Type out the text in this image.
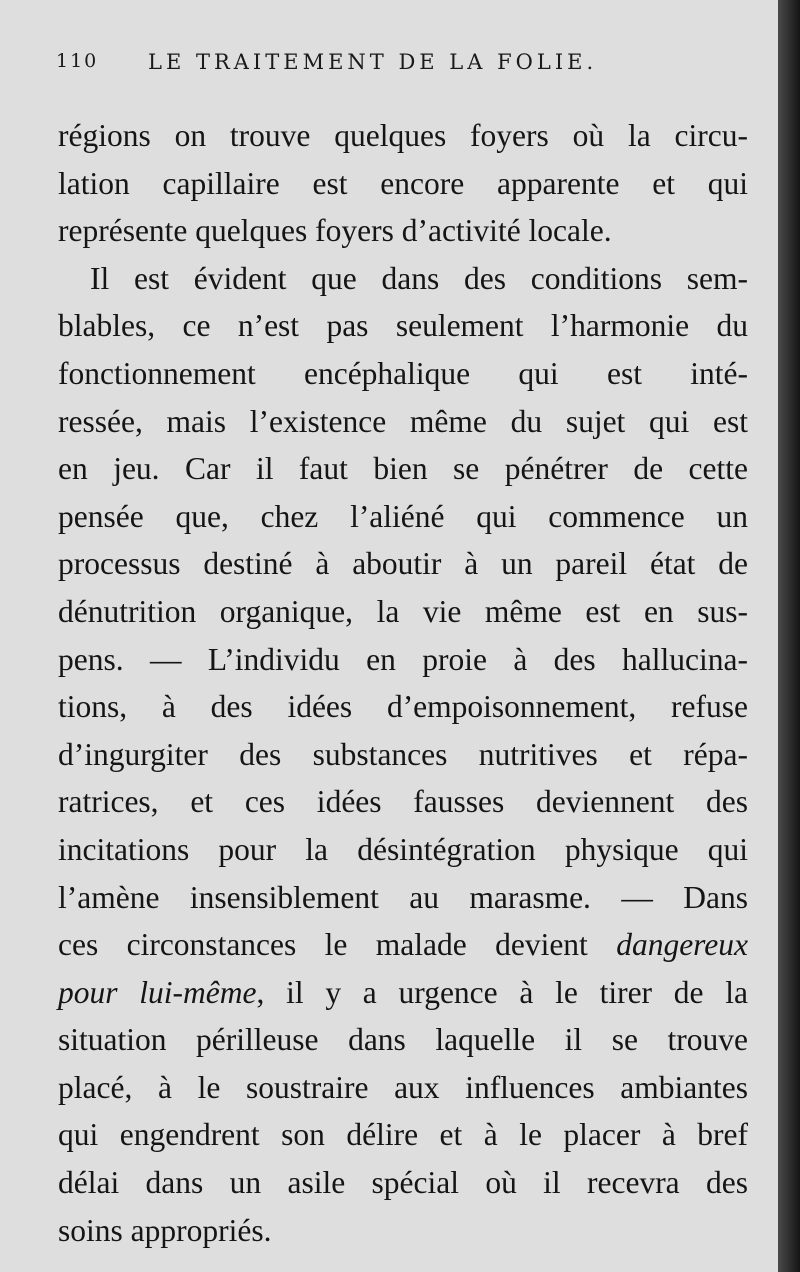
110 LE TRAITEMENT DE LA FOLIE.
régions on trouve quelques foyers où la circu-
lation capillaire est encore apparente et qui
représente quelques foyers d’activité locale.
Il est évident que dans des conditions sem-
blables, ce n’est pas seulement l’harmonie du
fonctionnement encéphalique qui est inté-
ressée, mais l’existence même du sujet qui est
en jeu. Car il faut bien se pénétrer de cette
pensée que, chez l’aliéné qui commence un
processus destiné à aboutir à un pareil état de
dénutrition organique, la vie même est en sus-
pens. — L’individu en proie à des hallucina-
tions, à des idées d’empoisonnement, refuse
d’ingurgiter des substances nutritives et répa-
ratrices, et ces idées fausses deviennent des
incitations pour la désintégration physique qui
l’amène insensiblement au marasme. — Dans
ces circonstances le malade devient dangereux
pour lui-même, il y a urgence à le tirer de la
situation périlleuse dans laquelle il se trouve
placé, à le soustraire aux influences ambiantes
qui engendrent son délire et à le placer à bref
délai dans un asile spécial où il recevra des
soins appropriés.
